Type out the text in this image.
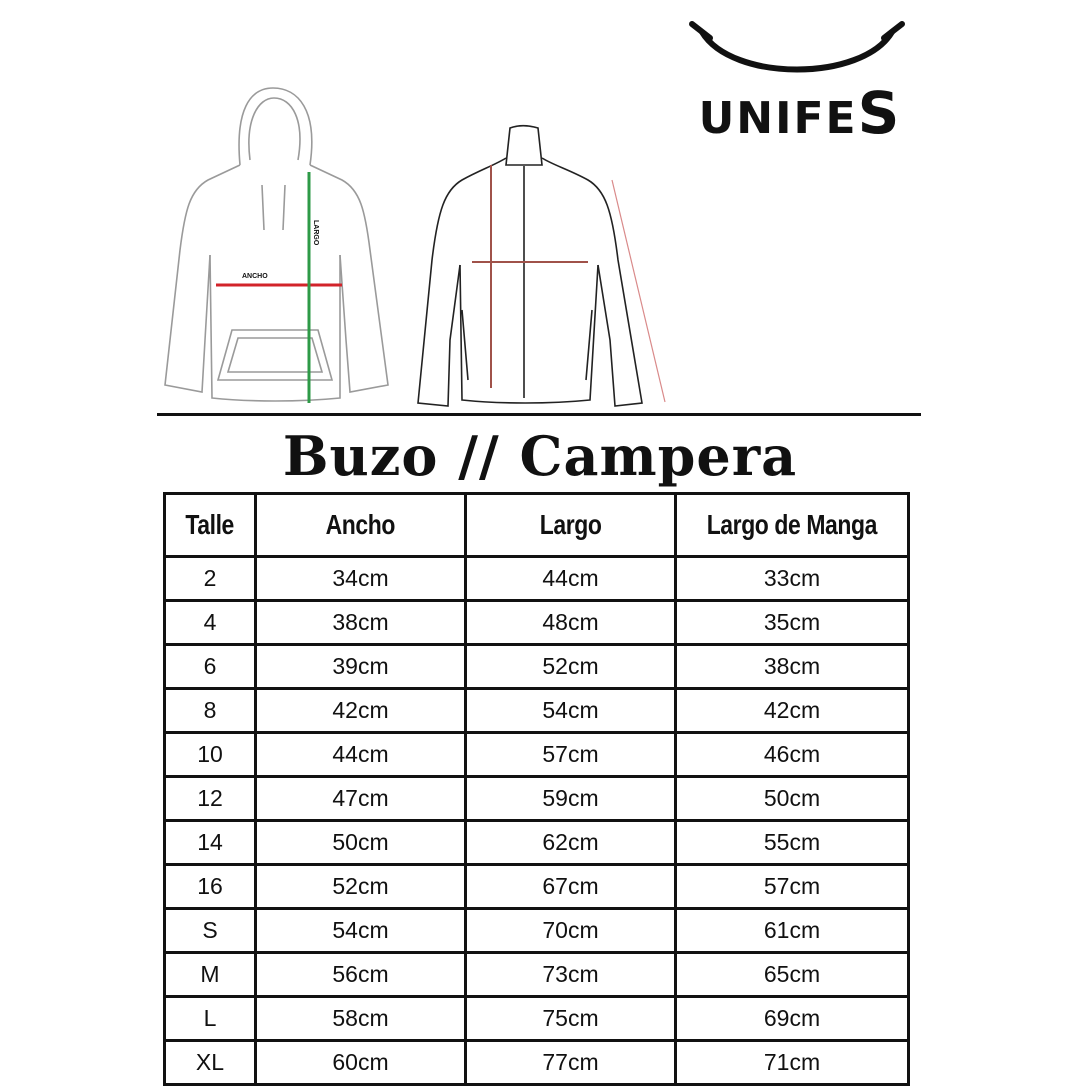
ANCHO
LARGO
UNIFES
Buzo // Campera
Talle	Ancho	Largo	Largo de Manga
2	34cm	44cm	33cm
4	38cm	48cm	35cm
6	39cm	52cm	38cm
8	42cm	54cm	42cm
10	44cm	57cm	46cm
12	47cm	59cm	50cm
14	50cm	62cm	55cm
16	52cm	67cm	57cm
S	54cm	70cm	61cm
M	56cm	73cm	65cm
L	58cm	75cm	69cm
XL	60cm	77cm	71cm
